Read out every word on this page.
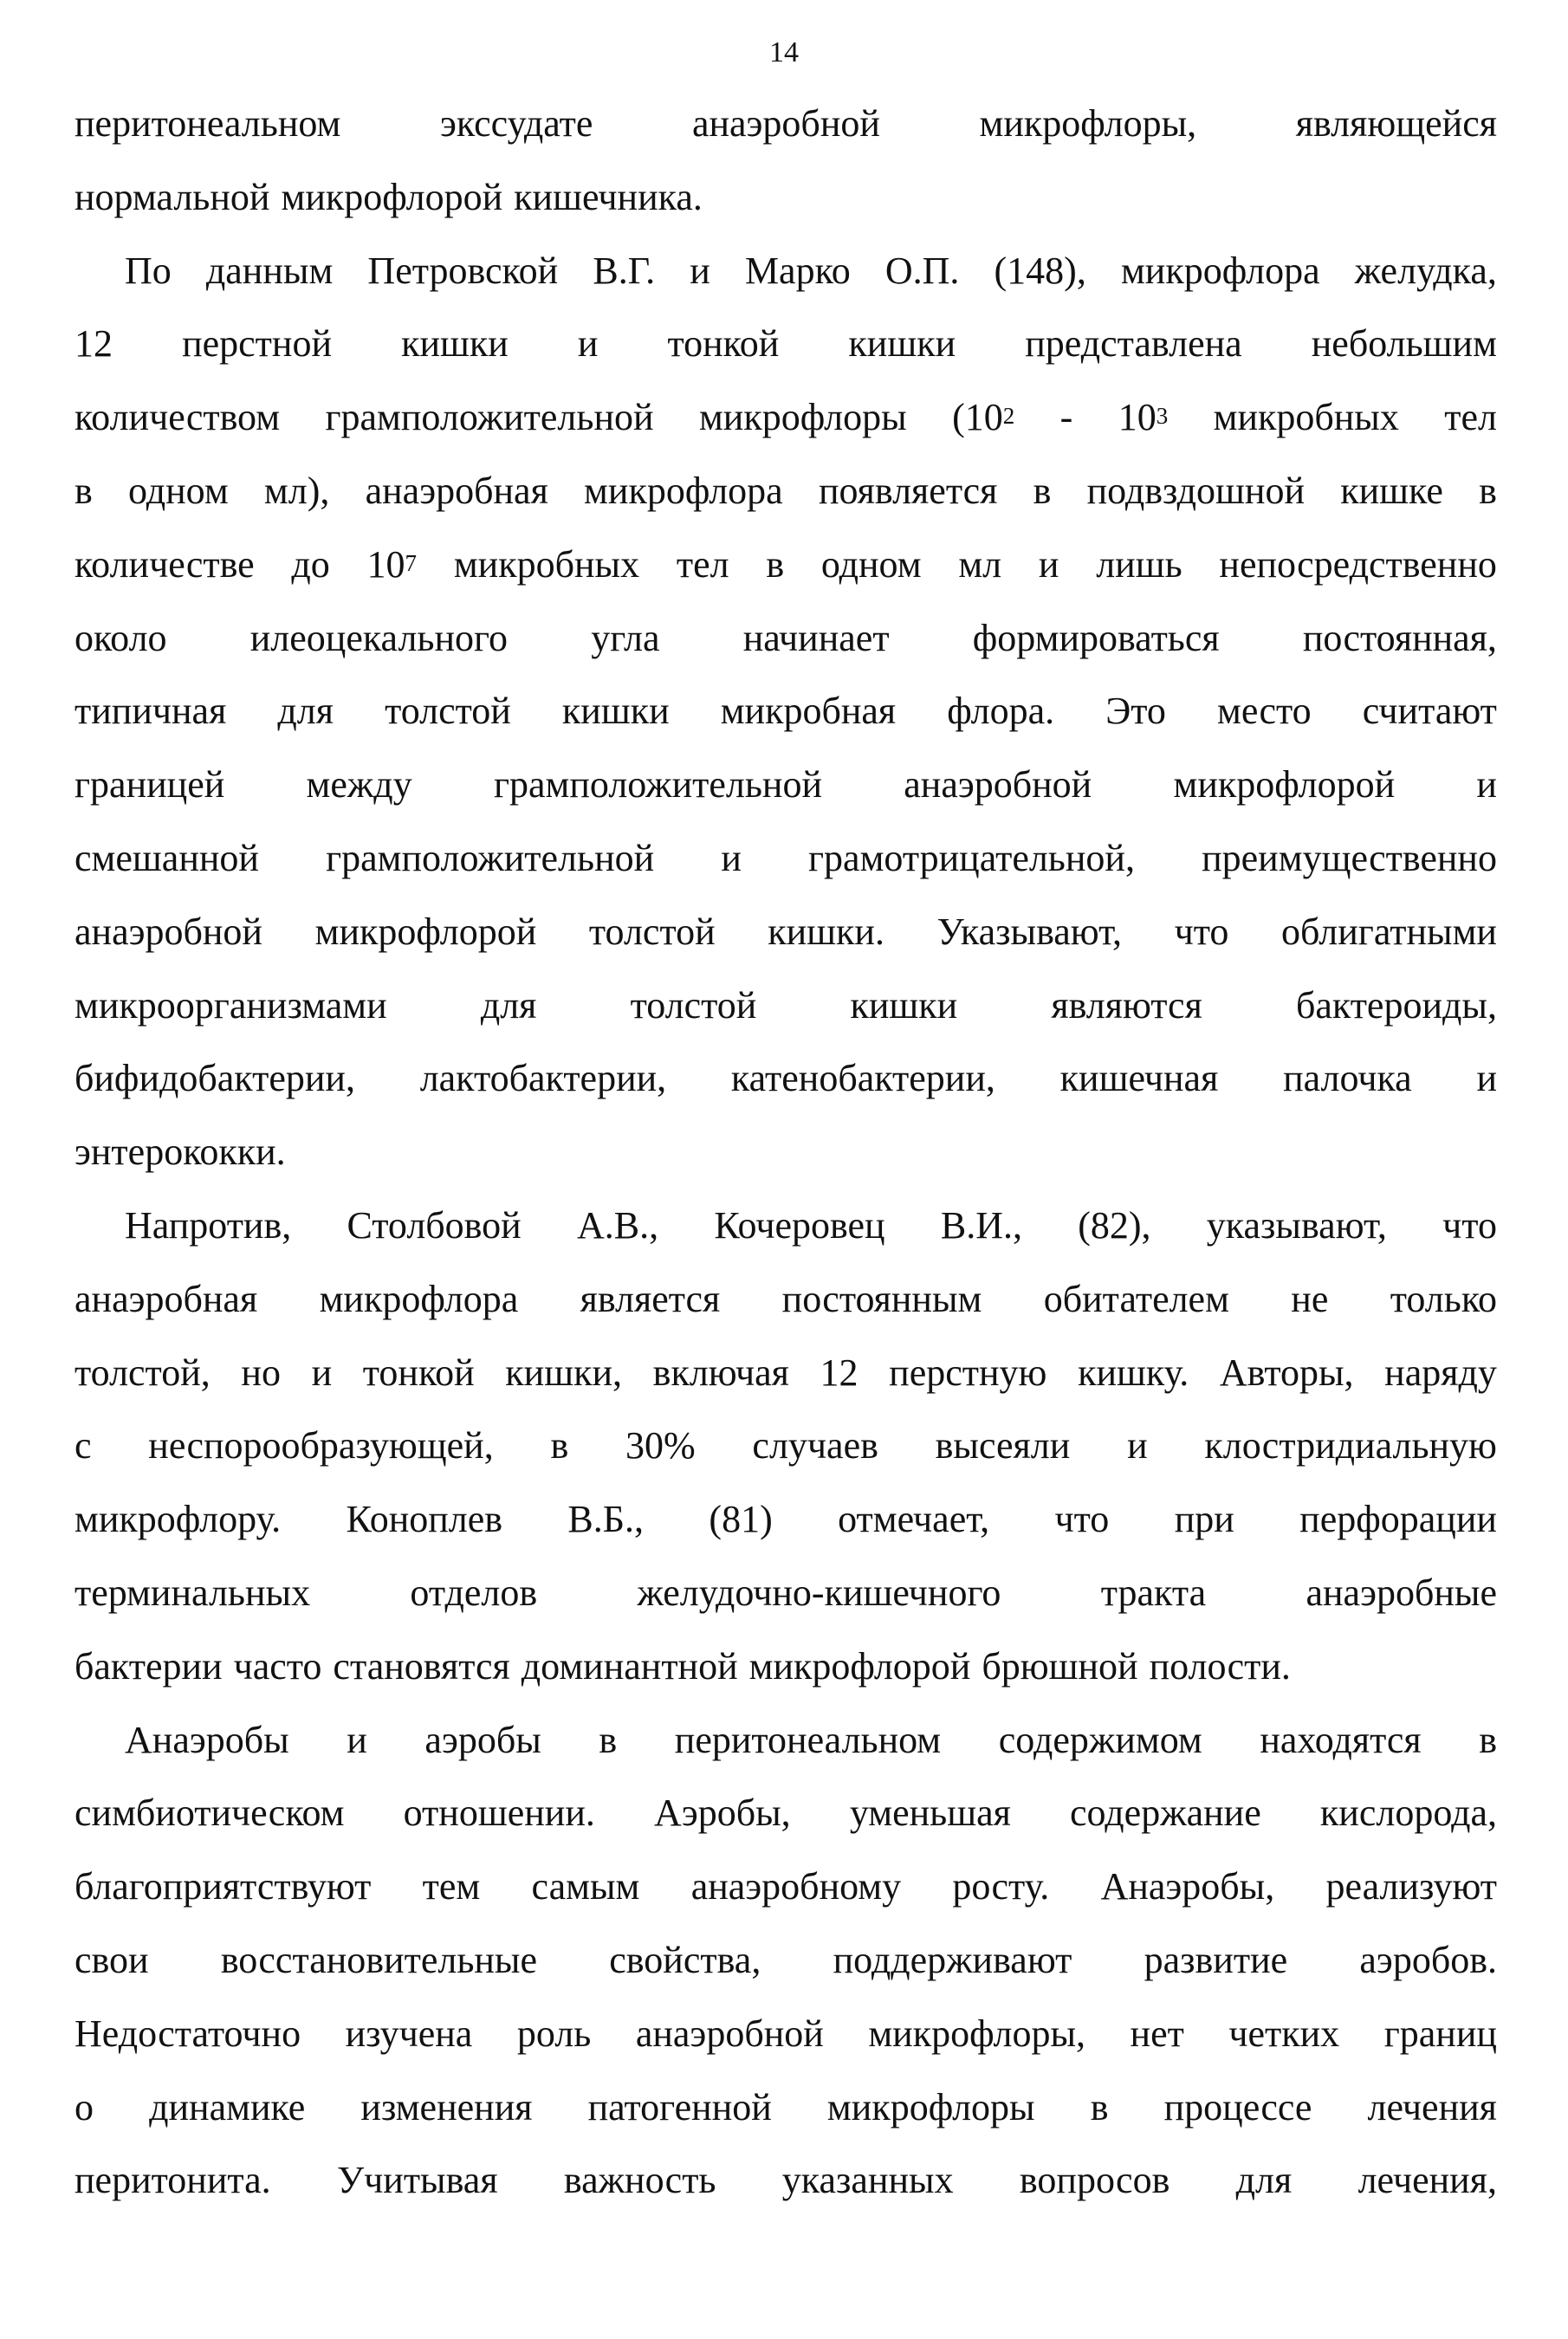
14
перитонеальном	экссудате	анаэробной	микрофлоры,	являющейся
нормальной микрофлорой кишечника.
По данным Петровской В.Г. и Марко О.П. (148), микрофлора желудка,
12 перстной кишки и тонкой кишки представлена небольшим
количеством грамположительной микрофлоры ($10^2 - 10^3$ микробных тел
в одном мл), анаэробная микрофлора появляется в подвздошной кишке в
количестве до $10^7$ микробных тел в одном мл и лишь непосредственно
около илеоцекального угла начинает формироваться постоянная,
типичная для толстой кишки микробная флора. Это место считают
границей между грамположительной анаэробной микрофлорой и
смешанной грамположительной и грамотрицательной, преимущественно
анаэробной микрофлорой толстой кишки. Указывают, что облигатными
микроорганизмами для толстой кишки являются бактероиды,
бифидобактерии, лактобактерии, катенобактерии, кишечная палочка и
энтерококки.
Напротив, Столбовой А.В., Кочеровец В.И., (82), указывают, что
анаэробная микрофлора является постоянным обитателем не только
толстой, но и тонкой кишки, включая 12 перстную кишку. Авторы, наряду
с неспорообразующей, в 30% случаев высеяли и клостридиальную
микрофлору. Коноплев В.Б., (81) отмечает, что при перфорации
терминальных	отделов	желудочно-кишечного	тракта	анаэробные
бактерии часто становятся доминантной микрофлорой брюшной полости.
Анаэробы и аэробы в перитонеальном содержимом находятся в
симбиотическом отношении. Аэробы, уменьшая содержание кислорода,
благоприятствуют тем самым анаэробному росту. Анаэробы, реализуют
свои восстановительные свойства, поддерживают развитие аэробов.
Недостаточно изучена роль анаэробной микрофлоры, нет четких границ
о динамике изменения патогенной микрофлоры в процессе лечения
перитонита. Учитывая важность указанных вопросов для лечения,
